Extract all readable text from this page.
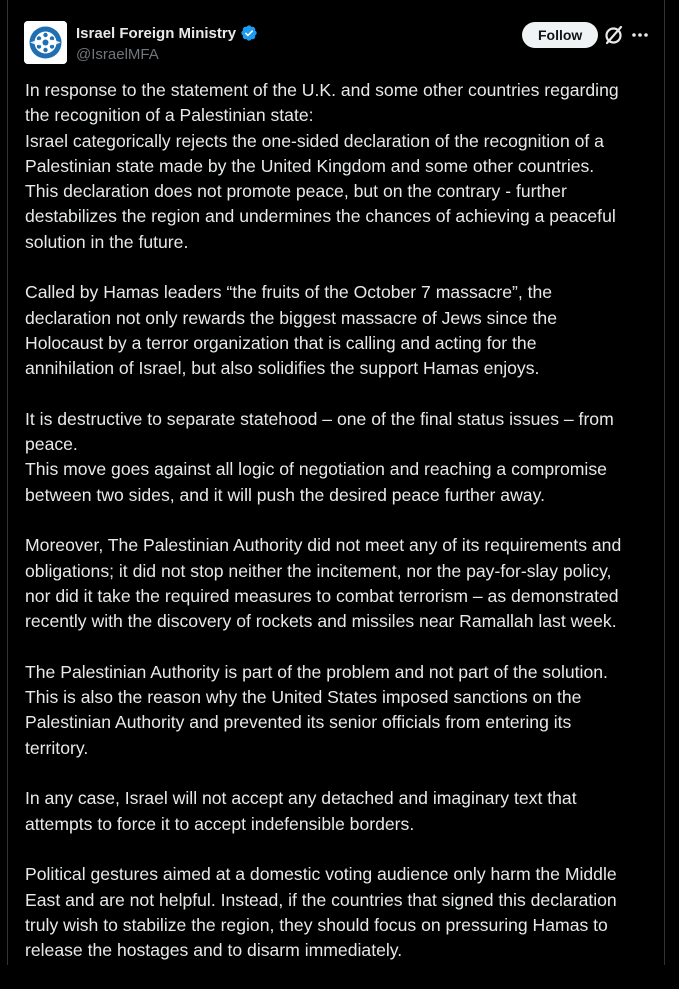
Israel Foreign Ministry
@IsraelMFA
Follow
In response to the statement of the U.K. and some other countries regarding
the recognition of a Palestinian state:
Israel categorically rejects the one-sided declaration of the recognition of a
Palestinian state made by the United Kingdom and some other countries.
This declaration does not promote peace, but on the contrary - further
destabilizes the region and undermines the chances of achieving a peaceful
solution in the future.
Called by Hamas leaders “the fruits of the October 7 massacre”, the
declaration not only rewards the biggest massacre of Jews since the
Holocaust by a terror organization that is calling and acting for the
annihilation of Israel, but also solidifies the support Hamas enjoys.
It is destructive to separate statehood – one of the final status issues – from
peace.
This move goes against all logic of negotiation and reaching a compromise
between two sides, and it will push the desired peace further away.
Moreover, The Palestinian Authority did not meet any of its requirements and
obligations; it did not stop neither the incitement, nor the pay-for-slay policy,
nor did it take the required measures to combat terrorism – as demonstrated
recently with the discovery of rockets and missiles near Ramallah last week.
The Palestinian Authority is part of the problem and not part of the solution.
This is also the reason why the United States imposed sanctions on the
Palestinian Authority and prevented its senior officials from entering its
territory.
In any case, Israel will not accept any detached and imaginary text that
attempts to force it to accept indefensible borders.
Political gestures aimed at a domestic voting audience only harm the Middle
East and are not helpful. Instead, if the countries that signed this declaration
truly wish to stabilize the region, they should focus on pressuring Hamas to
release the hostages and to disarm immediately.
